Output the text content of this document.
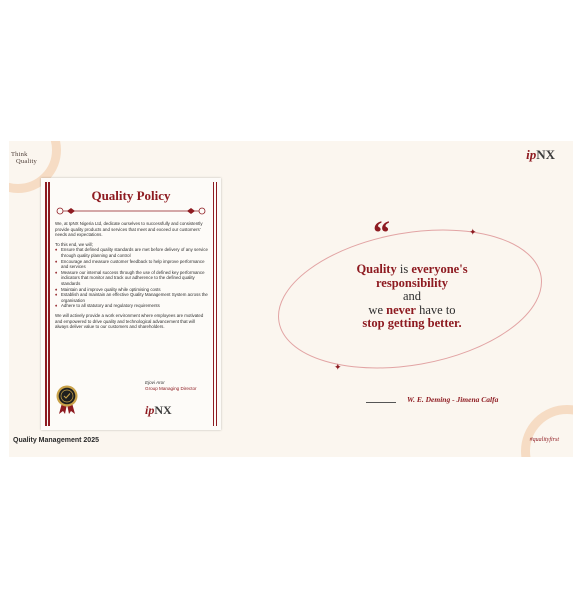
Think
Quality	ipNX
Quality Policy

We, at IpNX Nigeria Ltd, dedicate ourselves to successfully and consistently provide quality products and services that meet and exceed our customers' needs and expectations.

To this end, we will;

♦ Ensure that defined quality standards are met before delivery of any service through quality planning and control
♦ Encourage and measure customer feedback to help improve performance and services
♦ Measure our internal success through the use of defined key performance indicators that monitor and track our adherence to the defined quality standards
♦ Maintain and improve quality while optimising costs
♦ Establish and maintain an effective Quality Management System across the organisation
♦ Adhere to all statutory and regulatory requirements

We will actively provide a work environment where employees are motivated and empowered to drive quality and technological advancement that will always deliver value to our customers and shareholders.

Ejovi Aror
Group Managing Director
ipNX
✦
✦
“
Quality is everyone's
responsibility
and
we never have to
stop getting better.
W. E. Deming - Jimena Calfa
Quality Management 2025	#qualityfirst
